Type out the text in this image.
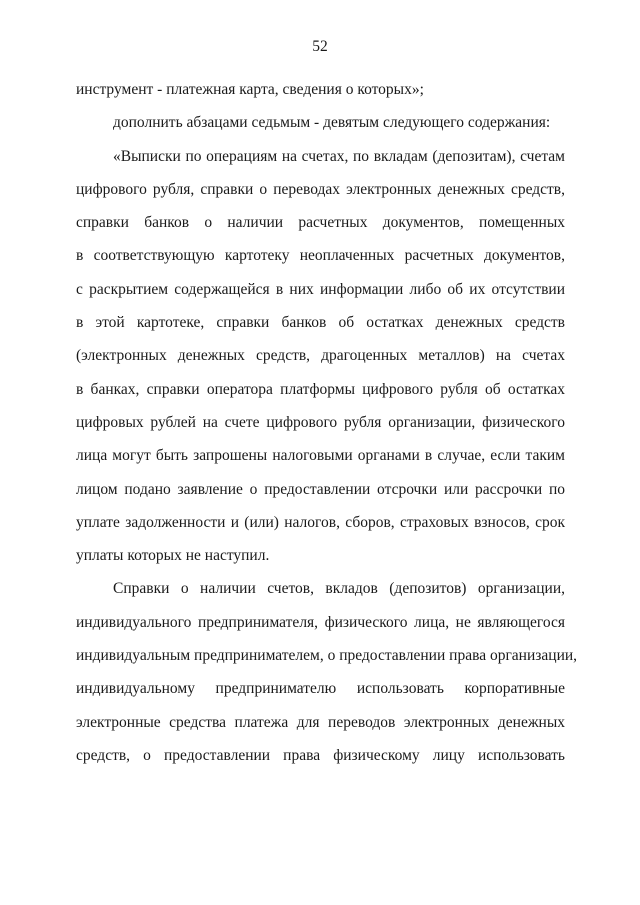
52
инструмент - платежная карта, сведения о которых»;
дополнить абзацами седьмым - девятым следующего содержания:
«Выписки по операциям на счетах, по вкладам (депозитам), счетам
цифрового рубля, справки о переводах электронных денежных средств,
справки банков о наличии расчетных документов, помещенных
в соответствующую картотеку неоплаченных расчетных документов,
с раскрытием содержащейся в них информации либо об их отсутствии
в этой картотеке, справки банков об остатках денежных средств
(электронных денежных средств, драгоценных металлов) на счетах
в банках, справки оператора платформы цифрового рубля об остатках
цифровых рублей на счете цифрового рубля организации, физического
лица могут быть запрошены налоговыми органами в случае, если таким
лицом подано заявление о предоставлении отсрочки или рассрочки по
уплате задолженности и (или) налогов, сборов, страховых взносов, срок
уплаты которых не наступил.
Справки о наличии счетов, вкладов (депозитов) организации,
индивидуального предпринимателя, физического лица, не являющегося
индивидуальным предпринимателем, о предоставлении права организации,
индивидуальному предпринимателю использовать корпоративные
электронные средства платежа для переводов электронных денежных
средств, о предоставлении права физическому лицу использовать
